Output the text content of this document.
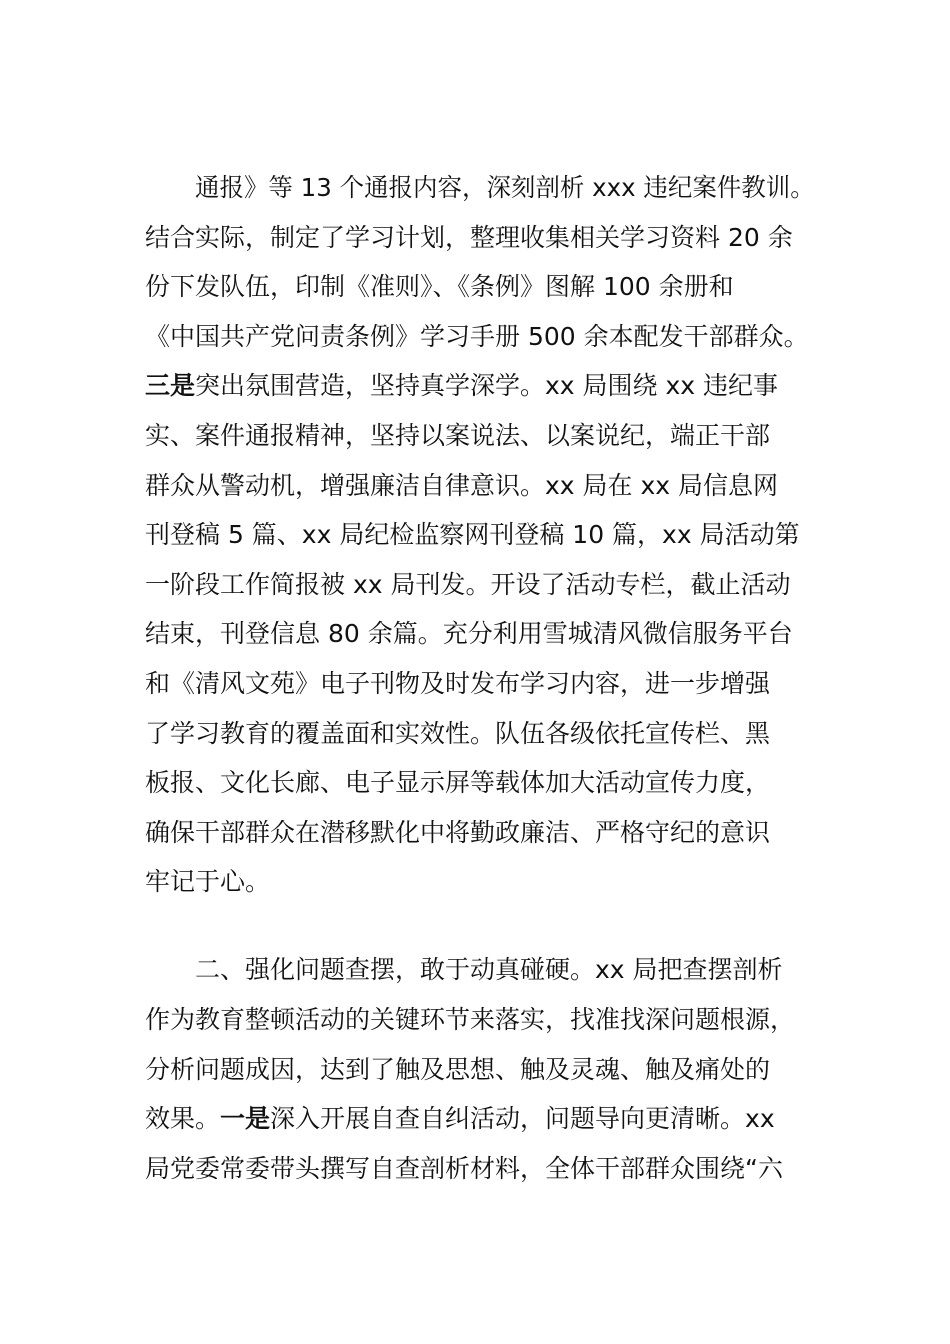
通报》等 13 个通报内容，深刻剖析 xxx 违纪案件教训。
结合实际，制定了学习计划，整理收集相关学习资料 20 余
份下发队伍，印制《准则》、《条例》图解 100 余册和
《中国共产党问责条例》学习手册 500 余本配发干部群众。
三是突出氛围营造，坚持真学深学。xx 局围绕 xx 违纪事
实、案件通报精神，坚持以案说法、以案说纪，端正干部
群众从警动机，增强廉洁自律意识。xx 局在 xx 局信息网
刊登稿 5 篇、xx 局纪检监察网刊登稿 10 篇，xx 局活动第
一阶段工作简报被 xx 局刊发。开设了活动专栏，截止活动
结束，刊登信息 80 余篇。充分利用雪城清风微信服务平台
和《清风文苑》电子刊物及时发布学习内容，进一步增强
了学习教育的覆盖面和实效性。队伍各级依托宣传栏、黑
板报、文化长廊、电子显示屏等载体加大活动宣传力度，
确保干部群众在潜移默化中将勤政廉洁、严格守纪的意识
牢记于心。
二、强化问题查摆，敢于动真碰硬。xx 局把查摆剖析
作为教育整顿活动的关键环节来落实，找准找深问题根源，
分析问题成因，达到了触及思想、触及灵魂、触及痛处的
效果。一是深入开展自查自纠活动，问题导向更清晰。xx
局党委常委带头撰写自查剖析材料，全体干部群众围绕“六
